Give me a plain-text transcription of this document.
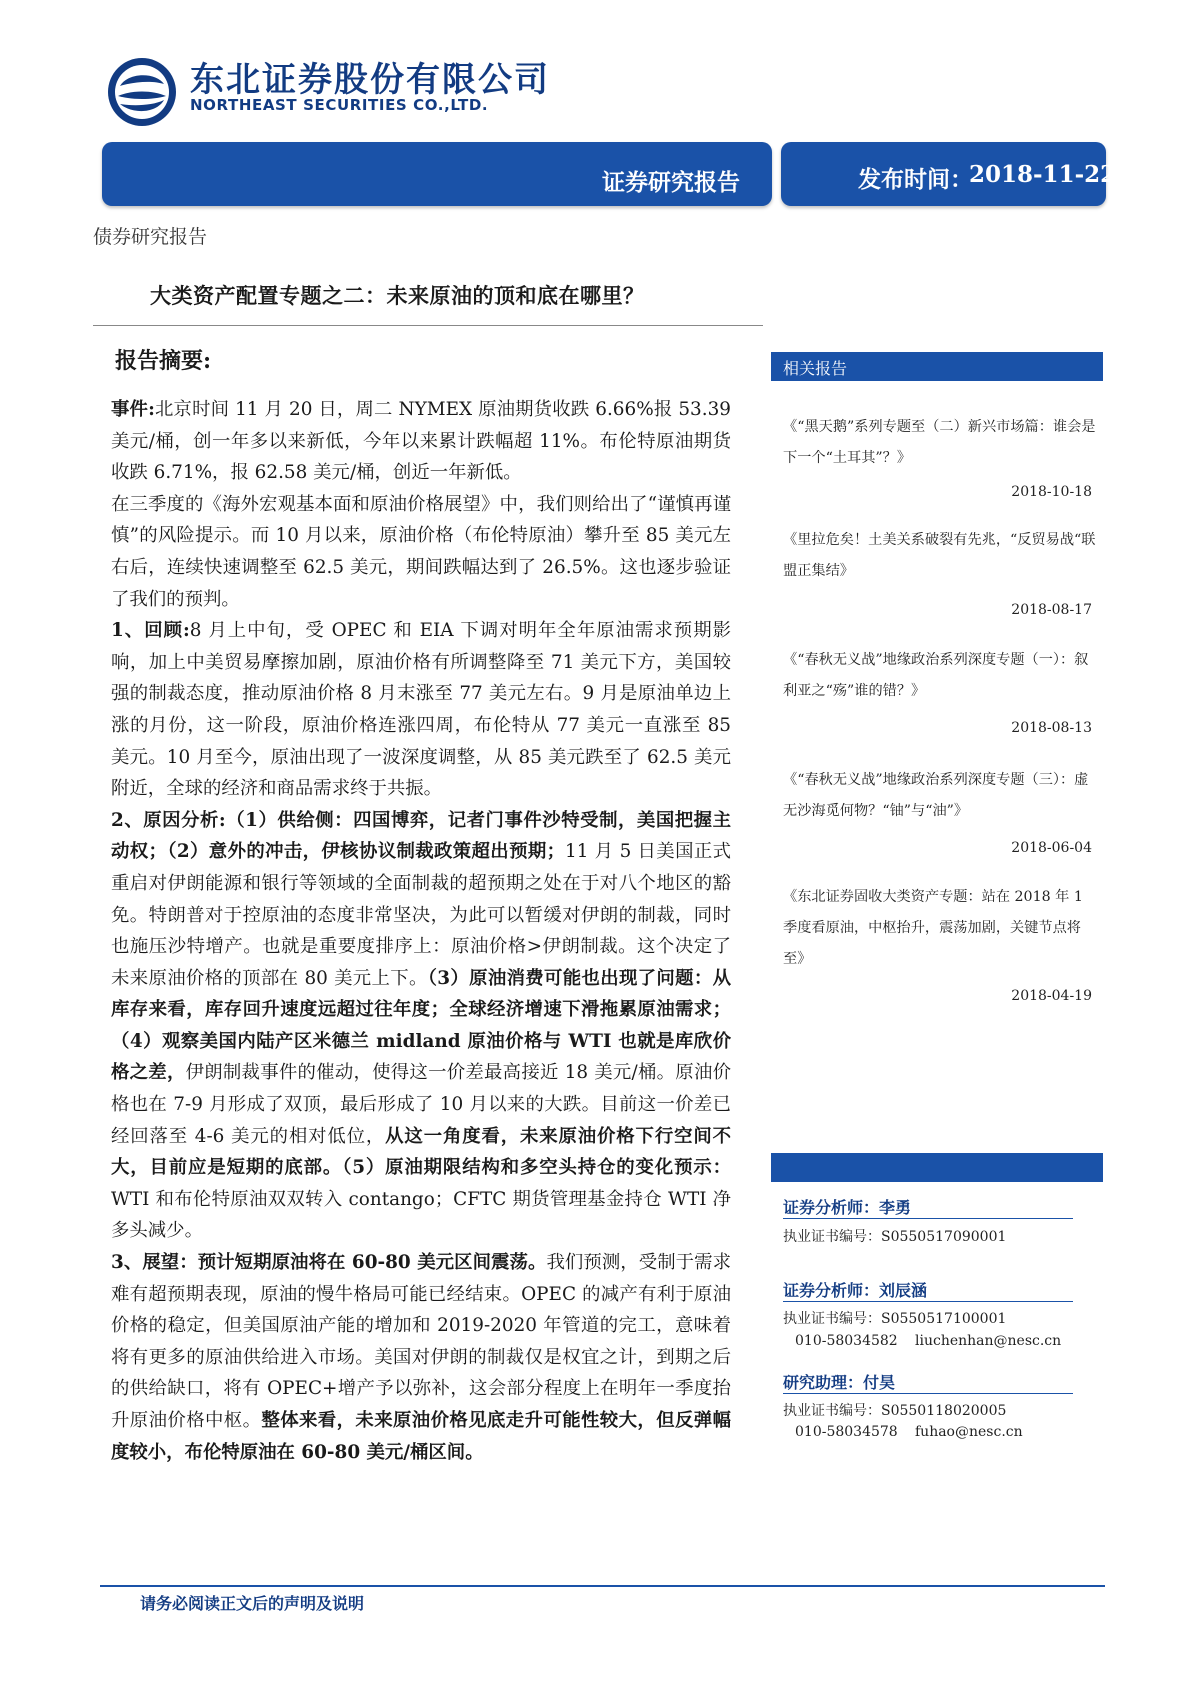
东北证券股份有限公司
NORTHEAST SECURITIES CO.,LTD.
证券研究报告	发布时间：
2018-11-22
债券研究报告
大类资产配置专题之二：未来原油的顶和底在哪里？
报告摘要:

事件:北京时间 11 月 20 日，周二 NYMEX 原油期货收跌 6.66%报 53.39 美元/桶，创一年多以来新低，今年以来累计跌幅超 11%。布伦特原油期货收跌 6.71%，报 62.58 美元/桶，创近一年新低。

在三季度的《海外宏观基本面和原油价格展望》中，我们则给出了“谨慎再谨慎”的风险提示。而 10 月以来，原油价格（布伦特原油）攀升至 85 美元左右后，连续快速调整至 62.5 美元，期间跌幅达到了 26.5%。这也逐步验证了我们的预判。

1、回顾:8 月上中旬，受 OPEC 和 EIA 下调对明年全年原油需求预期影响，加上中美贸易摩擦加剧，原油价格有所调整降至 71 美元下方，美国较强的制裁态度，推动原油价格 8 月末涨至 77 美元左右。9 月是原油单边上涨的月份，这一阶段，原油价格连涨四周，布伦特从 77 美元一直涨至 85 美元。10 月至今，原油出现了一波深度调整，从 85 美元跌至了 62.5 美元附近，全球的经济和商品需求终于共振。

2、原因分析:（1）供给侧：四国博弈，记者门事件沙特受制，美国把握主动权；（2）意外的冲击，伊核协议制裁政策超出预期；11 月 5 日美国正式重启对伊朗能源和银行等领域的全面制裁的超预期之处在于对八个地区的豁免。特朗普对于控原油的态度非常坚决，为此可以暂缓对伊朗的制裁，同时也施压沙特增产。也就是重要度排序上：原油价格>伊朗制裁。这个决定了未来原油价格的顶部在 80 美元上下。（3）原油消费可能也出现了问题：从库存来看，库存回升速度远超过往年度；全球经济增速下滑拖累原油需求；（4）观察美国内陆产区米德兰 midland 原油价格与 WTI 也就是库欣价格之差，伊朗制裁事件的催动，使得这一价差最高接近 18 美元/桶。原油价格也在 7-9 月形成了双顶，最后形成了 10 月以来的大跌。目前这一价差已经回落至 4-6 美元的相对低位，从这一角度看，未来原油价格下行空间不大，目前应是短期的底部。（5）原油期限结构和多空头持仓的变化预示：WTI 和布伦特原油双双转入 contango；CFTC 期货管理基金持仓 WTI 净多头减少。

3、展望：预计短期原油将在 60-80 美元区间震荡。我们预测，受制于需求难有超预期表现，原油的慢牛格局可能已经结束。OPEC 的减产有利于原油价格的稳定，但美国原油产能的增加和 2019-2020 年管道的完工，意味着将有更多的原油供给进入市场。美国对伊朗的制裁仅是权宜之计，到期之后的供给缺口，将有 OPEC+增产予以弥补，这会部分程度上在明年一季度抬升原油价格中枢。整体来看，未来原油价格见底走升可能性较大，但反弹幅度较小，布伦特原油在 60-80 美元/桶区间。

相关报告
《“黑天鹅”系列专题至（二）新兴市场篇：谁会是下一个“土耳其”？》
2018-10-18
《里拉危矣！土美关系破裂有先兆，“反贸易战“联盟正集结》
2018-08-17
《“春秋无义战”地缘政治系列深度专题（一）：叙利亚之“殇”谁的错？》
2018-08-13
《“春秋无义战”地缘政治系列深度专题（三）：虚无沙海觅何物？“铀”与“油”》
2018-06-04
《东北证券固收大类资产专题：站在 2018 年 1 季度看原油，中枢抬升，震荡加剧，关键节点将至》
2018-04-19
证券分析师：李勇
执业证书编号：S0550517090001
证券分析师：刘辰涵
执业证书编号：S0550517100001
010-58034582 liuchenhan@nesc.cn
研究助理：付昊
执业证书编号：S0550118020005
010-58034578 fuhao@nesc.cn
请务必阅读正文后的声明及说明
